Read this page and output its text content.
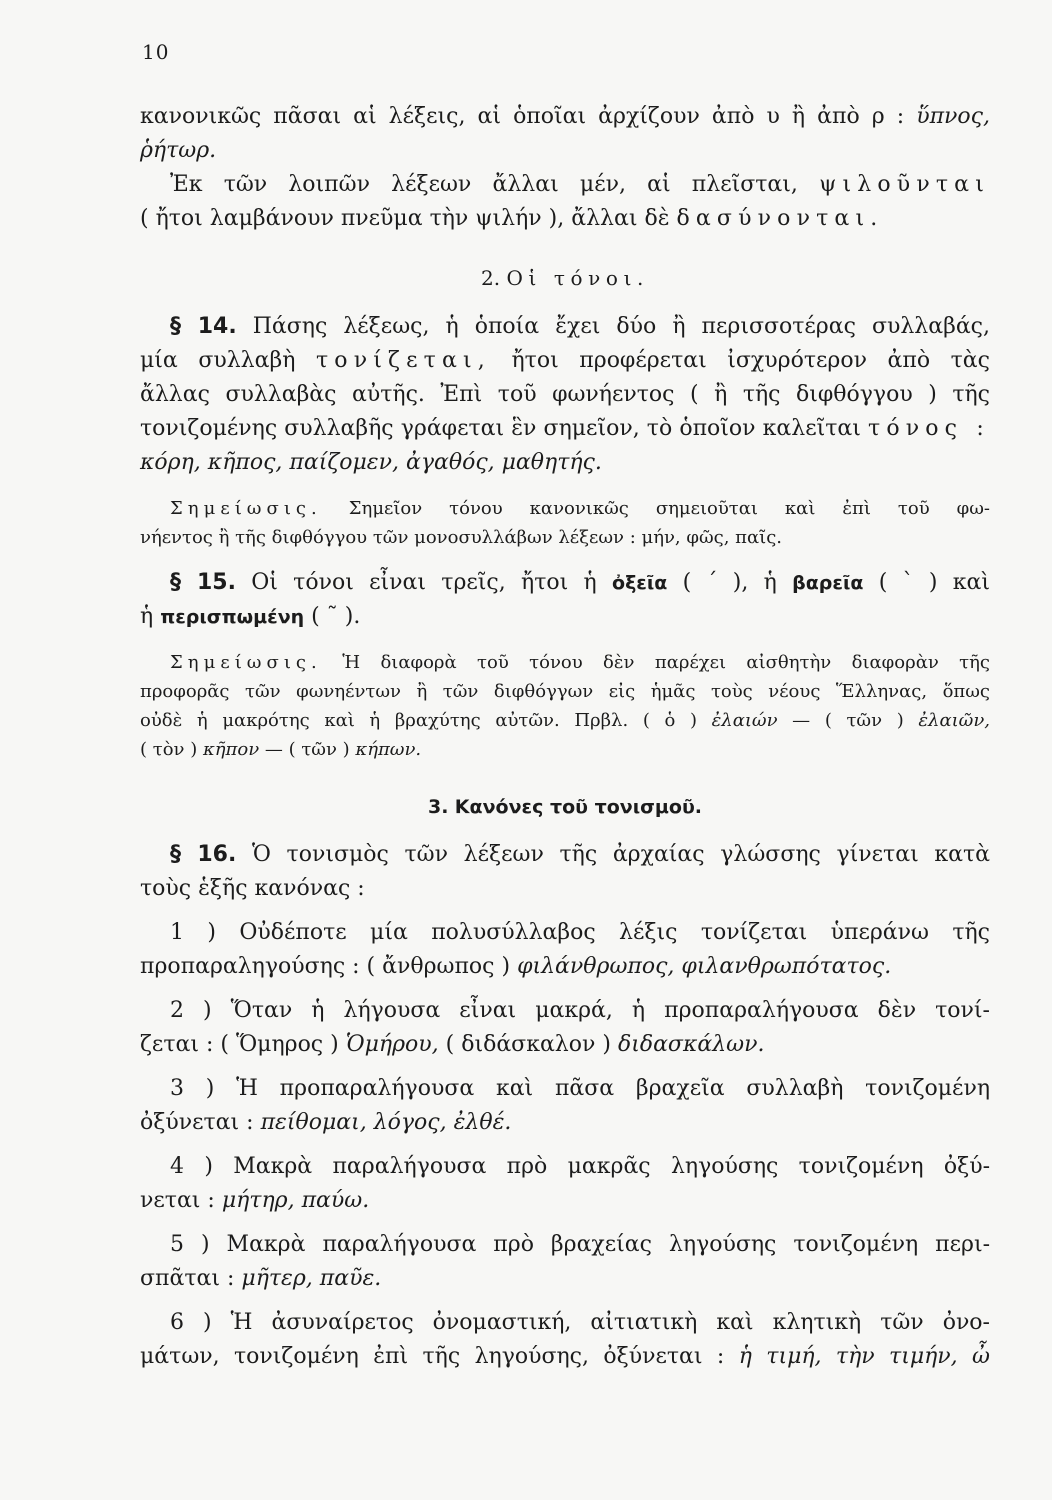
10

κανονικῶς πᾶσαι αἱ λέξεις, αἱ ὁποῖαι ἀρχίζουν ἀπὸ υ ἢ ἀπὸ ρ : ὕπνος,

ῥήτωρ.

Ἐκ τῶν λοιπῶν λέξεων ἄλλαι μέν, αἱ πλεῖσται, ψιλοῦνται

( ἤτοι λαμβάνουν πνεῦμα τὴν ψιλήν ), ἄλλαι δὲ δασύνονται.

2. Οἱ τόνοι.

§ 14. Πάσης λέξεως, ἡ ὁποία ἔχει δύο ἢ περισσοτέρας συλλαβάς,

μία συλλαβὴ τονίζεται, ἤτοι προφέρεται ἰσχυρότερον ἀπὸ τὰς

ἄλλας συλλαβὰς αὐτῆς. Ἐπὶ τοῦ φωνήεντος ( ἢ τῆς διφθόγγου ) τῆς

τονιζομένης συλλαβῆς γράφεται ἓν σημεῖον, τὸ ὁποῖον καλεῖται τόνος :

κόρη, κῆπος, παίζομεν, ἀγαθός, μαθητής.

Σημείωσις. Σημεῖον τόνου κανονικῶς σημειοῦται καὶ ἐπὶ τοῦ φω-

νήεντος ἢ τῆς διφθόγγου τῶν μονοσυλλάβων λέξεων : μήν, φῶς, παῖς.

§ 15. Οἱ τόνοι εἶναι τρεῖς, ἤτοι ἡ ὀξεῖα ( ΄ ), ἡ βαρεῖα ( ` ) καὶ

ἡ περισπωμένη ( ῀ ).

Σημείωσις. Ἡ διαφορὰ τοῦ τόνου δὲν παρέχει αἰσθητὴν διαφορὰν τῆς

προφορᾶς τῶν φωνηέντων ἢ τῶν διφθόγγων εἰς ἡμᾶς τοὺς νέους Ἕλληνας, ὅπως

οὐδὲ ἡ μακρότης καὶ ἡ βραχύτης αὐτῶν. Πρβλ. ( ὁ ) ἐλαιών — ( τῶν ) ἐλαιῶν,

( τὸν ) κῆπον — ( τῶν ) κήπων.

3. Κανόνες τοῦ τονισμοῦ.

§ 16. Ὁ τονισμὸς τῶν λέξεων τῆς ἀρχαίας γλώσσης γίνεται κατὰ

τοὺς ἑξῆς κανόνας :

1 ) Οὐδέποτε μία πολυσύλλαβος λέξις τονίζεται ὑπεράνω τῆς

προπαραληγούσης : ( ἄνθρωπος ) φιλάνθρωπος, φιλανθρωπότατος.

2 ) Ὅταν ἡ λήγουσα εἶναι μακρά, ἡ προπαραλήγουσα δὲν τονί-

ζεται : ( Ὅμηρος ) Ὁμήρου, ( διδάσκαλον ) διδασκάλων.

3 ) Ἡ προπαραλήγουσα καὶ πᾶσα βραχεῖα συλλαβὴ τονιζομένη

ὀξύνεται : πείθομαι, λόγος, ἐλθέ.

4 ) Μακρὰ παραλήγουσα πρὸ μακρᾶς ληγούσης τονιζομένη ὀξύ-

νεται : μήτηρ, παύω.

5 ) Μακρὰ παραλήγουσα πρὸ βραχείας ληγούσης τονιζομένη περι-

σπᾶται : μῆτερ, παῦε.

6 ) Ἡ ἀσυναίρετος ὀνομαστική, αἰτιατικὴ καὶ κλητικὴ τῶν ὀνο-

μάτων, τονιζομένη ἐπὶ τῆς ληγούσης, ὀξύνεται : ἡ τιμή, τὴν τιμήν, ὦ
